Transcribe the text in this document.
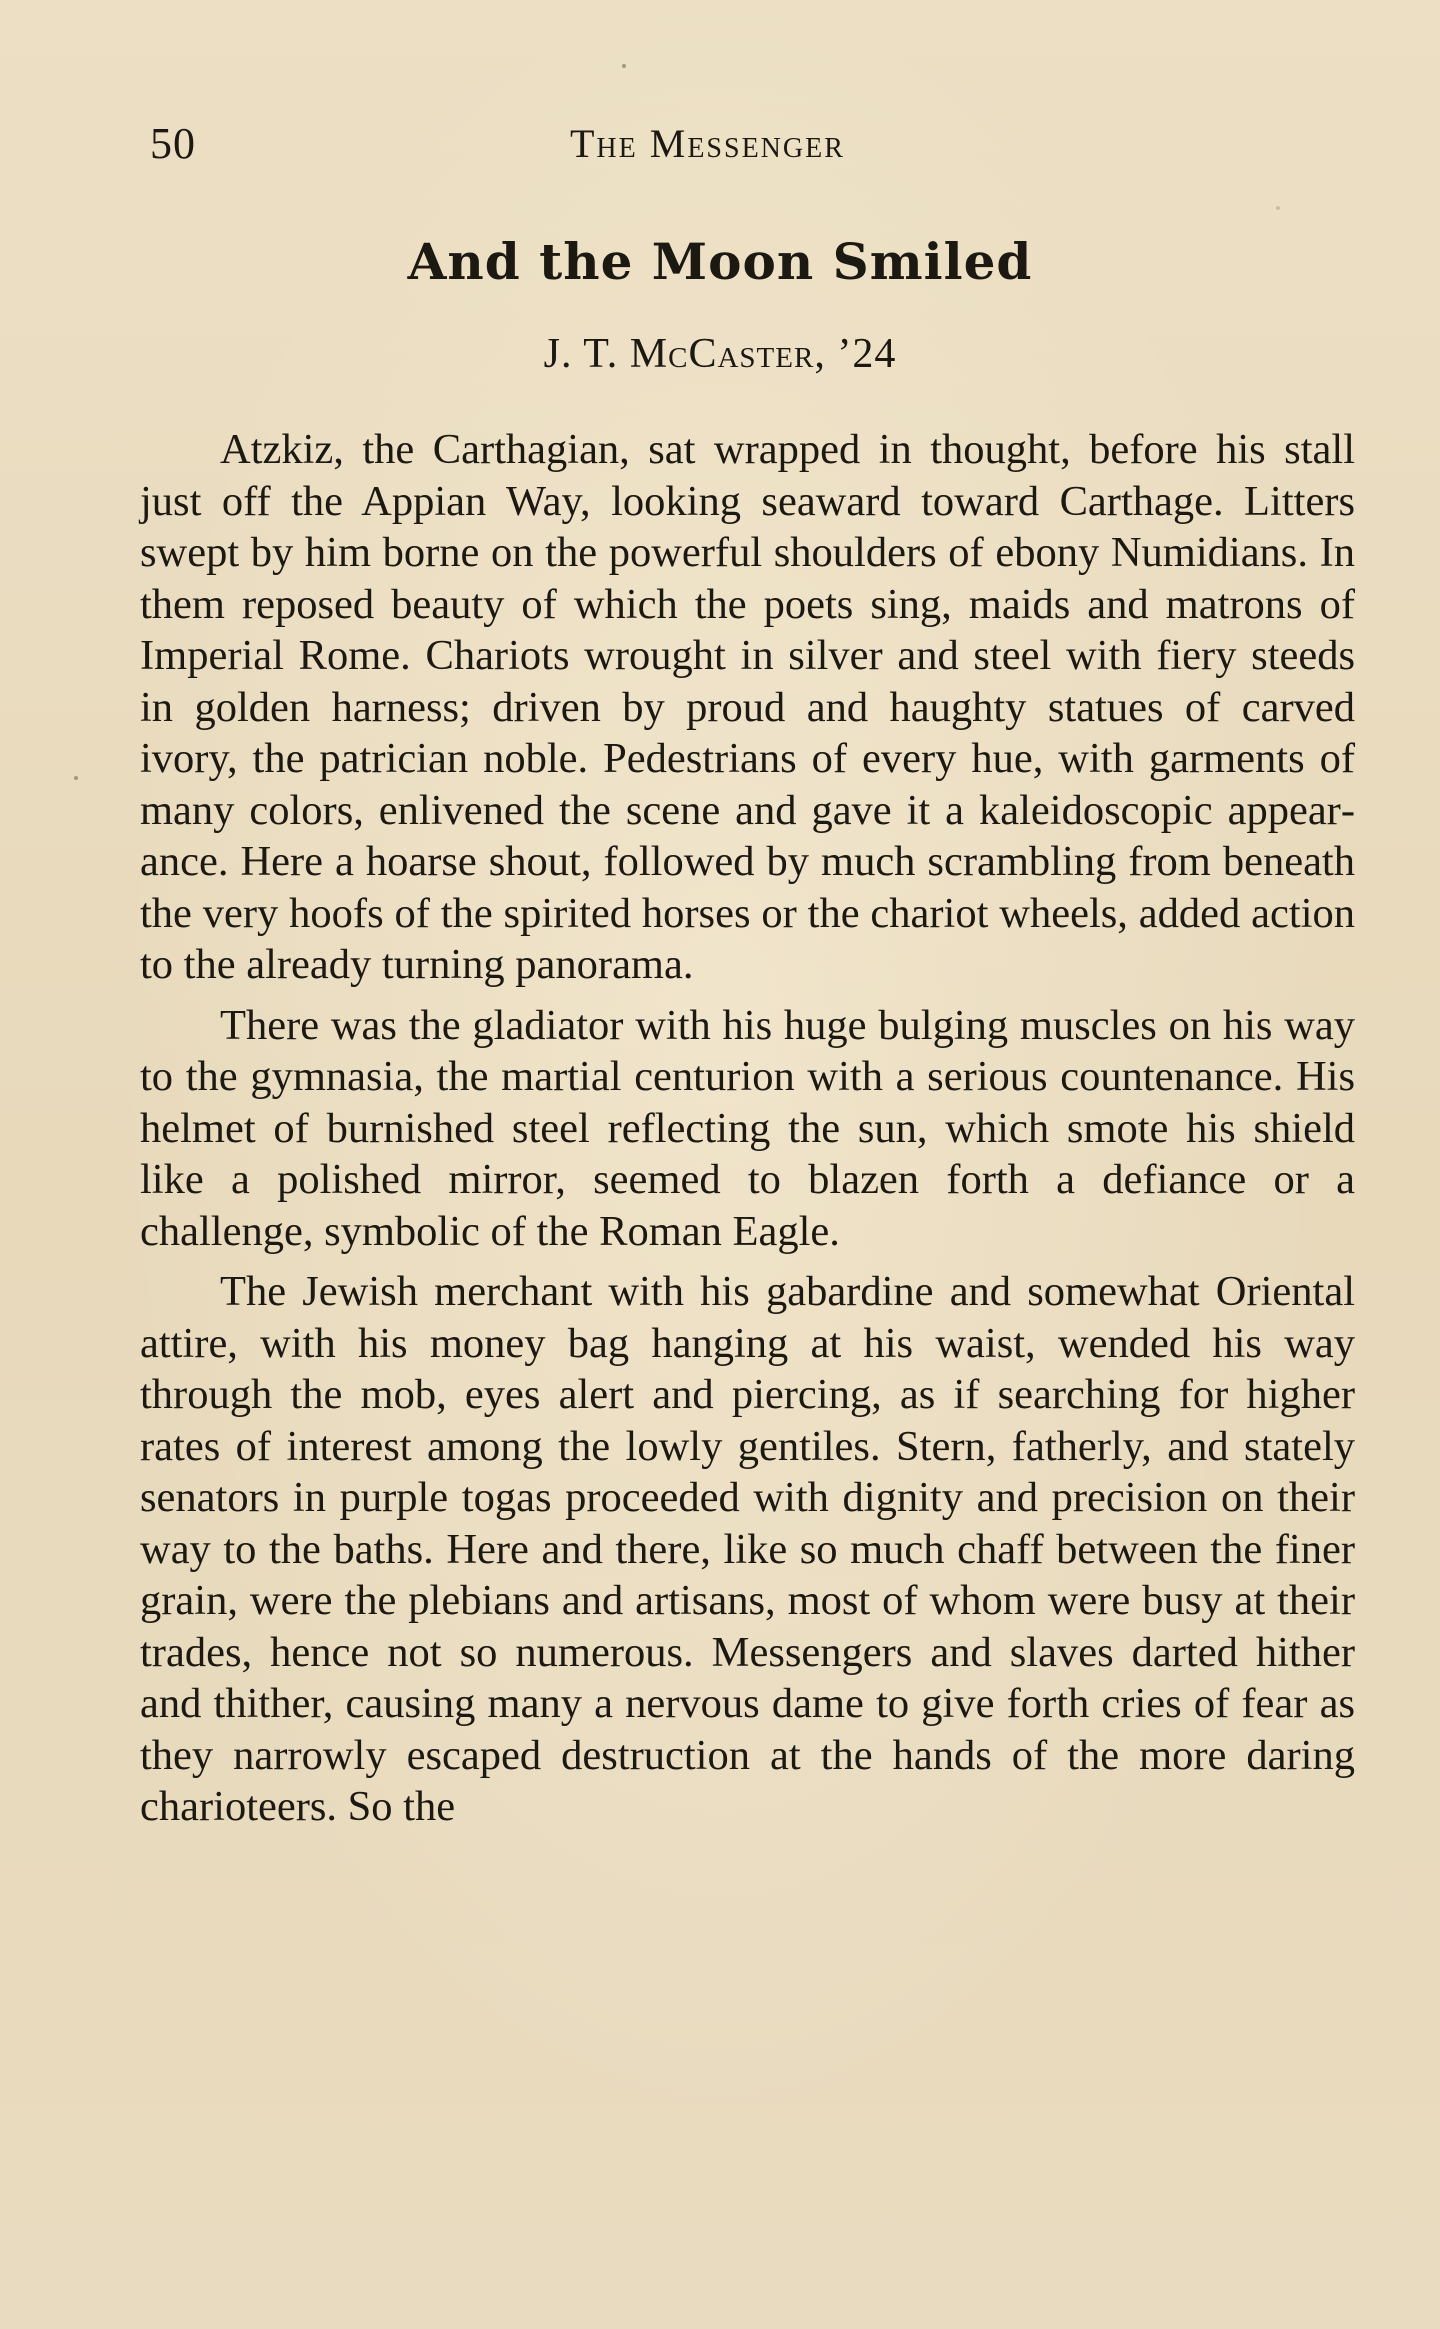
50	The Messenger
And the Moon Smiled
J. T. McCaster, ’24

Atzkiz, the Carthagian, sat wrapped in thought, before his stall just off the Appian Way, looking seaward toward Carthage. Litters swept by him borne on the powerful shoulders of ebony Numidians. In them reposed beauty of which the poets sing, maids and matrons of Imperial Rome. Chariots wrought in silver and steel with fiery steeds in golden harness; driven by proud and haughty statues of carved ivory, the patrician noble. Pedestrians of every hue, with garments of many colors, enlivened the scene and gave it a kaleidoscopic appearance. Here a hoarse shout, followed by much scrambling from beneath the very hoofs of the spirited horses or the chariot wheels, added action to the already turning panorama.

There was the gladiator with his huge bulging muscles on his way to the gymnasia, the martial centurion with a serious countenance. His helmet of burnished steel reflecting the sun, which smote his shield like a polished mirror, seemed to blazen forth a defiance or a challenge, symbolic of the Roman Eagle.

The Jewish merchant with his gabardine and somewhat Oriental attire, with his money bag hanging at his waist, wended his way through the mob, eyes alert and piercing, as if searching for higher rates of interest among the lowly gentiles. Stern, fatherly, and stately senators in purple togas proceeded with dignity and precision on their way to the baths. Here and there, like so much chaff between the finer grain, were the plebians and artisans, most of whom were busy at their trades, hence not so numerous. Messengers and slaves darted hither and thither, causing many a nervous dame to give forth cries of fear as they narrowly escaped destruction at the hands of the more daring charioteers. So the
